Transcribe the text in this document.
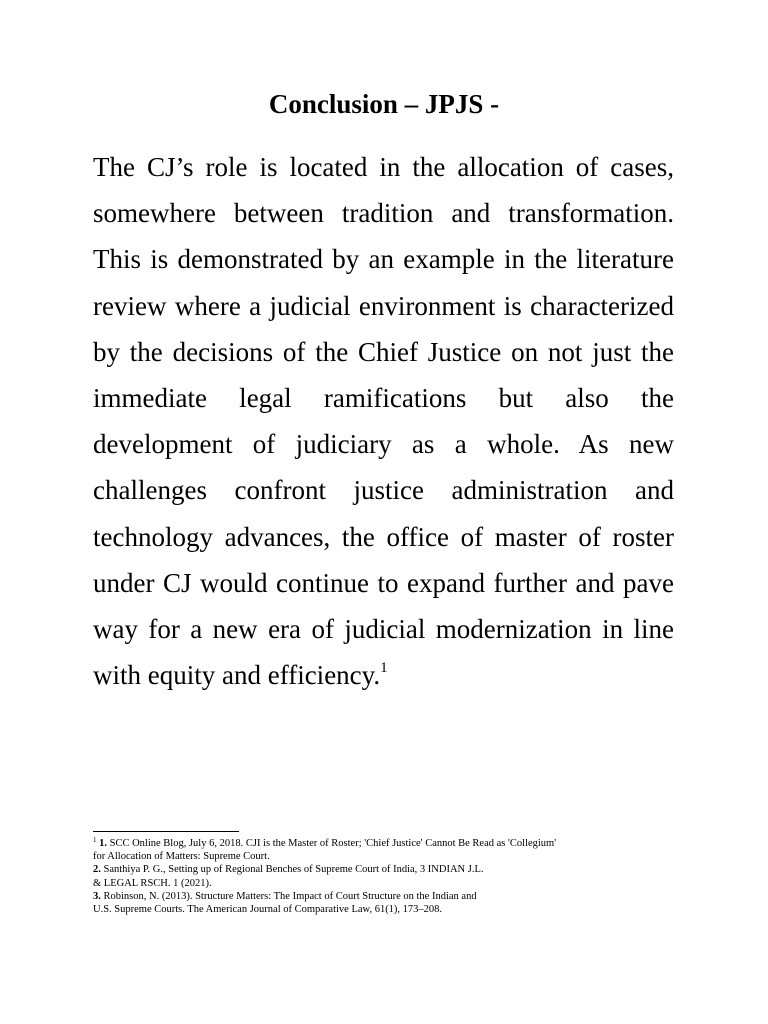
Conclusion – JPJS -

The CJ’s role is located in the allocation of cases, somewhere between tradition and transformation. This is demonstrated by an example in the literature review where a judicial environment is characterized by the decisions of the Chief Justice on not just the immediate legal ramifications but also the development of judiciary as a whole. As new challenges confront justice administration and technology advances, the office of master of roster under CJ would continue to expand further and pave way for a new era of judicial modernization in line with equity and efficiency.$^1$

$^1$ 1. SCC Online Blog, July 6, 2018. CJI is the Master of Roster; 'Chief Justice' Cannot Be Read as 'Collegium'
for Allocation of Matters: Supreme Court.
2. Santhiya P. G., Setting up of Regional Benches of Supreme Court of India, 3 INDIAN J.L.
& LEGAL RSCH. 1 (2021).
3. Robinson, N. (2013). Structure Matters: The Impact of Court Structure on the Indian and
U.S. Supreme Courts. The American Journal of Comparative Law, 61(1), 173–208.
